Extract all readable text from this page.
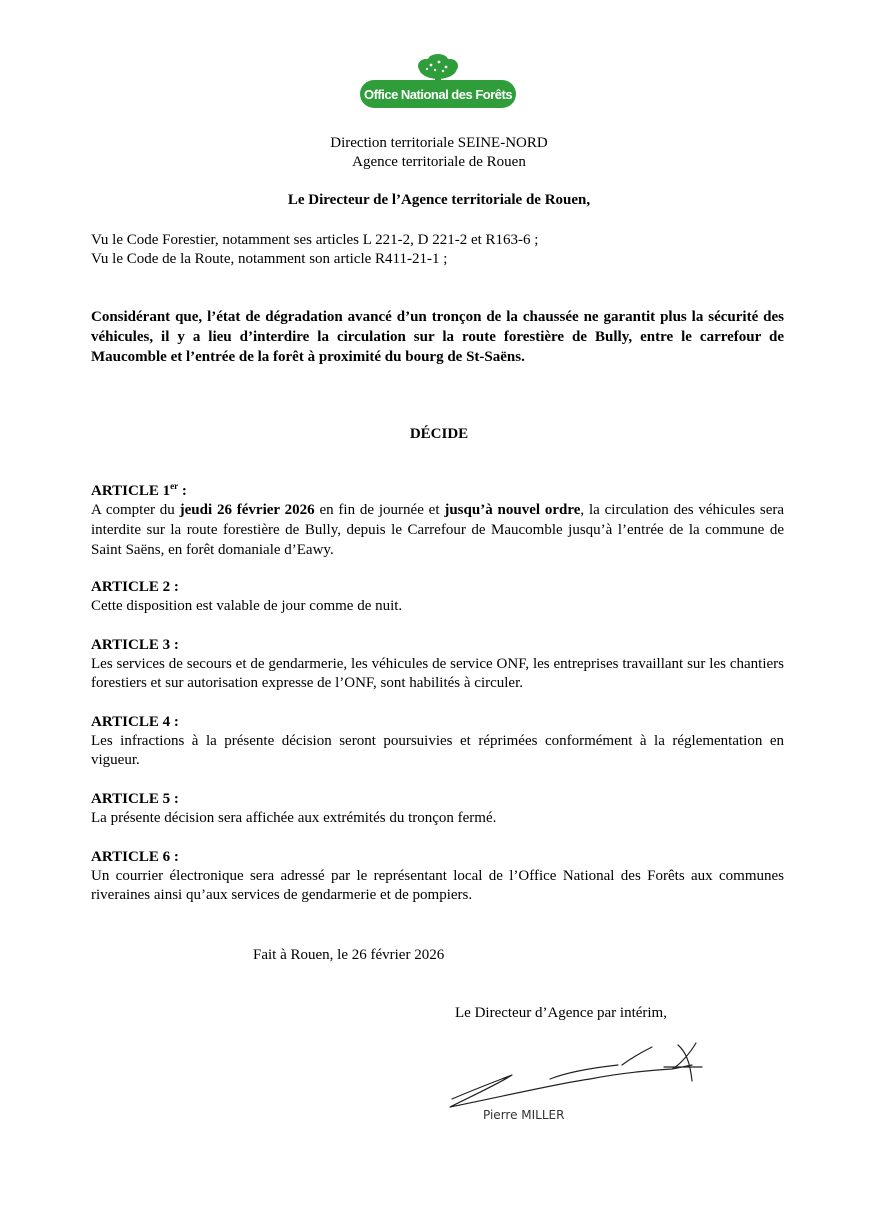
Office National des Forêts
Direction territoriale SEINE-NORD
Agence territoriale de Rouen
Le Directeur de l’Agence territoriale de Rouen,
Vu le Code Forestier, notamment ses articles L 221-2, D 221-2 et R163-6 ;
Vu le Code de la Route, notamment son article R411-21-1 ;
Considérant que, l’état de dégradation avancé d’un tronçon de la chaussée ne garantit plus la sécurité des véhicules, il y a lieu d’interdire la circulation sur la route forestière de Bully, entre le carrefour de Maucomble et l’entrée de la forêt à proximité du bourg de St-Saëns.
DÉCIDE
ARTICLE 1er :
A compter du jeudi 26 février 2026 en fin de journée et jusqu’à nouvel ordre, la circulation des véhicules sera interdite sur la route forestière de Bully, depuis le Carrefour de Maucomble jusqu’à l’entrée de la commune de Saint Saëns, en forêt domaniale d’Eawy.
ARTICLE 2 :
Cette disposition est valable de jour comme de nuit.
ARTICLE 3 :
Les services de secours et de gendarmerie, les véhicules de service ONF, les entreprises travaillant sur les chantiers forestiers et sur autorisation expresse de l’ONF, sont habilités à circuler.
ARTICLE 4 :
Les infractions à la présente décision seront poursuivies et réprimées conformément à la réglementation en vigueur.
ARTICLE 5 :
La présente décision sera affichée aux extrémités du tronçon fermé.
ARTICLE 6 :
Un courrier électronique sera adressé par le représentant local de l’Office National des Forêts aux communes riveraines ainsi qu’aux services de gendarmerie et de pompiers.
Fait à Rouen, le 26 février 2026
Le Directeur d’Agence par intérim,
Pierre MILLER
